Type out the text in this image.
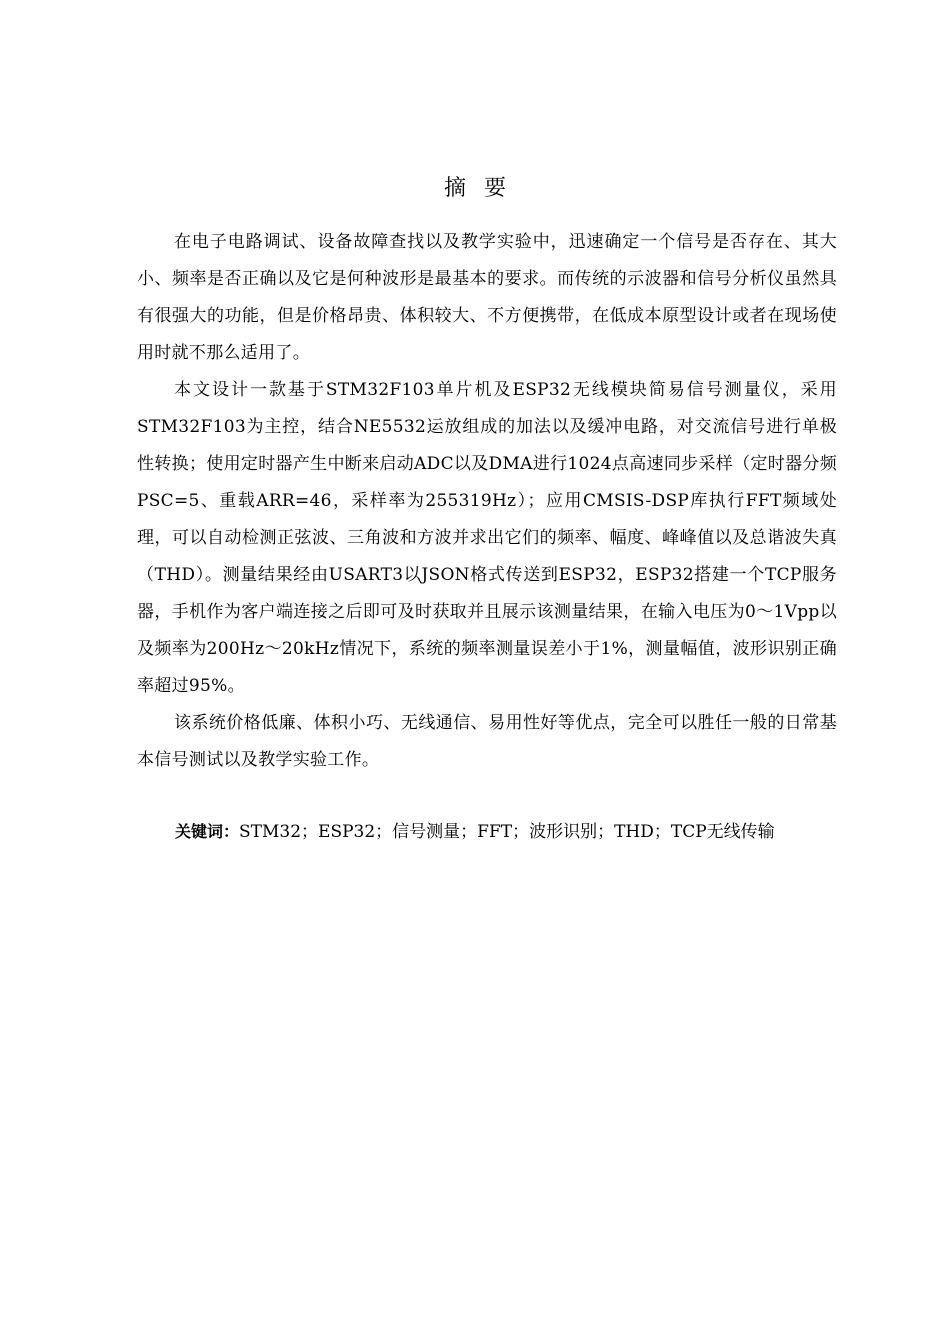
摘要

在电子电路调试、设备故障查找以及教学实验中，迅速确定一个信号是否存在、其大小、频率是否正确以及它是何种波形是最基本的要求。而传统的示波器和信号分析仪虽然具有很强大的功能，但是价格昂贵、体积较大、不方便携带，在低成本原型设计或者在现场使用时就不那么适用了。

本文设计一款基于STM32F103单片机及ESP32无线模块简易信号测量仪，采用STM32F103为主控，结合NE5532运放组成的加法以及缓冲电路，对交流信号进行单极性转换；使用定时器产生中断来启动ADC以及DMA进行1024点高速同步采样（定时器分频PSC=5、重载ARR=46，采样率为255319Hz）；应用CMSIS-DSP库执行FFT频域处理，可以自动检测正弦波、三角波和方波并求出它们的频率、幅度、峰峰值以及总谐波失真（THD）。测量结果经由USART3以JSON格式传送到ESP32，ESP32搭建一个TCP服务器，手机作为客户端连接之后即可及时获取并且展示该测量结果，在输入电压为0～1Vpp以及频率为200Hz～20kHz情况下，系统的频率测量误差小于1%，测量幅值，波形识别正确率超过95%。

该系统价格低廉、体积小巧、无线通信、易用性好等优点，完全可以胜任一般的日常基本信号测试以及教学实验工作。

关键词：STM32；ESP32；信号测量；FFT；波形识别；THD；TCP无线传输
